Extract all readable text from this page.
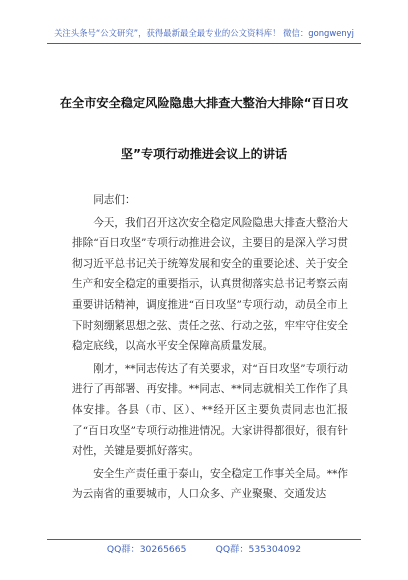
关注头条号“公文研究”，获得最新最全最专业的公文资料库！ 微信：gongwenyj
在全市安全稳定风险隐患大排查大整治大排除“百日攻
坚”专项行动推进会议上的讲话

同志们：

今天，我们召开这次安全稳定风险隐患大排查大整治大排除“百日攻坚”专项行动推进会议，主要目的是深入学习贯彻习近平总书记关于统筹发展和安全的重要论述、关于安全生产和安全稳定的重要指示，认真贯彻落实总书记考察云南重要讲话精神，调度推进“百日攻坚”专项行动，动员全市上下时刻绷紧思想之弦、责任之弦、行动之弦，牢牢守住安全稳定底线，以高水平安全保障高质量发展。

刚才，**同志传达了有关要求，对“百日攻坚”专项行动进行了再部署、再安排。**同志、**同志就相关工作作了具体安排。各县（市、区）、**经开区主要负责同志也汇报了“百日攻坚”专项行动推进情况。大家讲得都很好，很有针对性，关键是要抓好落实。

安全生产责任重于泰山，安全稳定工作事关全局。**作为云南省的重要城市，人口众多、产业聚聚、交通发达

QQ群：30265665          QQ群：535304092
